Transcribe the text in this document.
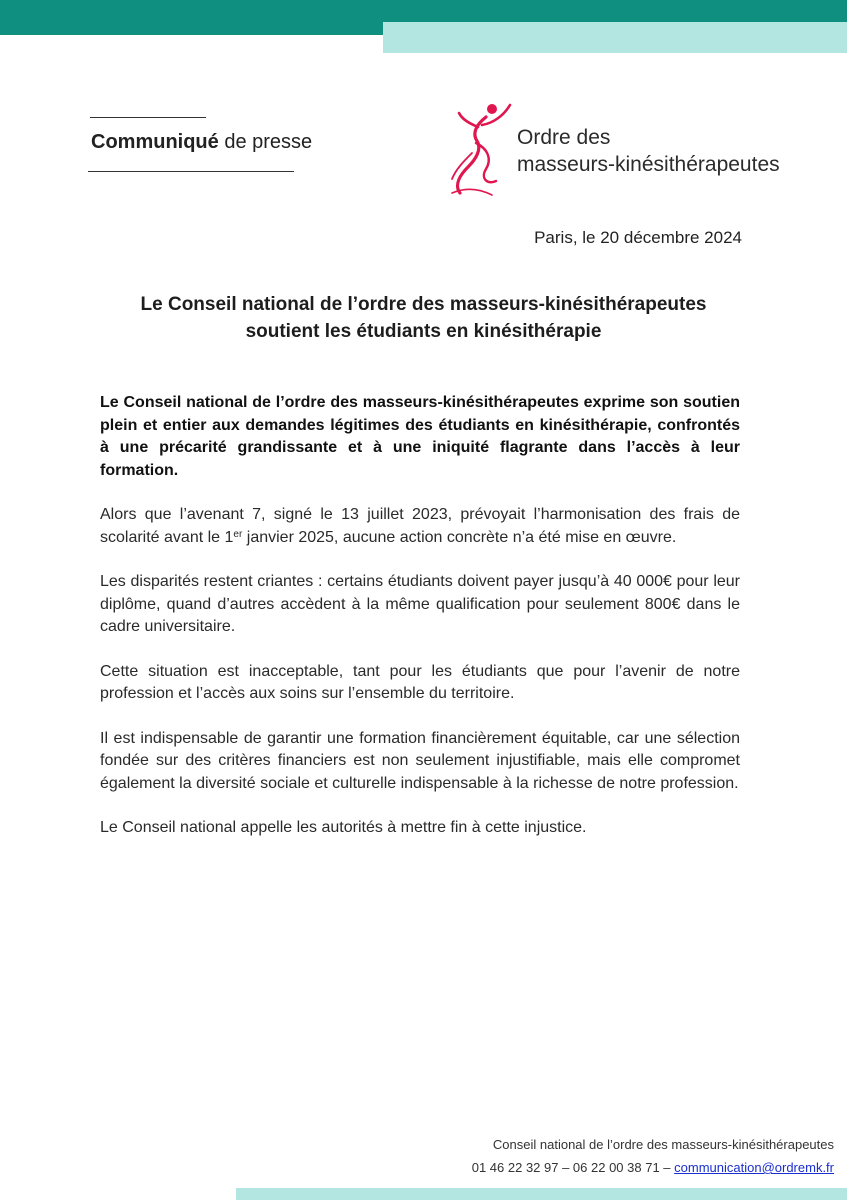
Communiqué de presse	Ordre des
masseurs-kinésithérapeutes
Paris, le 20 décembre 2024
Le Conseil national de l’ordre des masseurs-kinésithérapeutes
soutient les étudiants en kinésithérapie

Le Conseil national de l’ordre des masseurs-kinésithérapeutes exprime son soutien plein et entier aux demandes légitimes des étudiants en kinésithérapie, confrontés à une précarité grandissante et à une iniquité flagrante dans l’accès à leur formation.

Alors que l’avenant 7, signé le 13 juillet 2023, prévoyait l’harmonisation des frais de scolarité avant le 1er janvier 2025, aucune action concrète n’a été mise en œuvre.

Les disparités restent criantes : certains étudiants doivent payer jusqu’à 40 000€ pour leur diplôme, quand d’autres accèdent à la même qualification pour seulement 800€ dans le cadre universitaire.

Cette situation est inacceptable, tant pour les étudiants que pour l’avenir de notre profession et l’accès aux soins sur l’ensemble du territoire.

Il est indispensable de garantir une formation financièrement équitable, car une sélection fondée sur des critères financiers est non seulement injustifiable, mais elle compromet également la diversité sociale et culturelle indispensable à la richesse de notre profession.

Le Conseil national appelle les autorités à mettre fin à cette injustice.

Conseil national de l’ordre des masseurs-kinésithérapeutes
01 46 22 32 97 – 06 22 00 38 71 – communication@ordremk.fr
